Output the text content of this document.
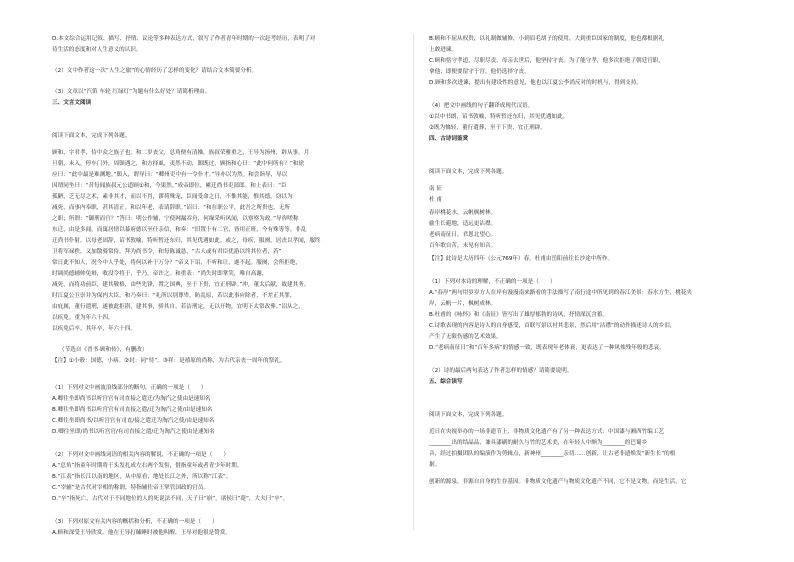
D.本文综合运用记叙、描写、抒情、议论等多种表达方式，叙写了作者青年时期的一次赶考经历，表明了对
待生活的态度和对人生意义的认识。
（2）文中作者这一次“人生之旅”的心情经历了怎样的变化？请结合文本简要分析。
（3）文章以“汽笛 车轮 红绿灯”为题有什么好处？请简析理由。
三、文言文阅读
阅读下面文本，完成下列各题。
顾和，字君孝，侍中众之族子也。和二岁丧父，总角便有清操，族叔荣雅重之，王导为扬州，辟从事，月
旦朝，未入，停车门外，周顗遇之，和方择虱，夷然不动，顗既过，顾指和心曰：“此中何所有？”和徐
应曰：“此中最是难测地。”顗入，谓导曰：“卿州吏中有一令仆才。”导亦以为然。和尝诣导，导以
因谓同坐曰：“昔每闻族叔元公道顾①和，今果然。”成帝即位，累迁尚书吏部郎。和上表曰：“臣
孤陋，乏无尽之术，素非其才，而以不肖，谬荷殊宠，臣闻受命之日，不惟其能，惟其德，窃以为
减死，而事内奉职，甚其清正。和以年老，表请辞职。”诏曰：“和在职公平，此吾之所贵也，无所
之职；所谓：“御刑而官？”答曰：明公作辅，宁使网漏吞舟，何缘采听风闻，以察察为政。”导咨嗟称
东迁，由是多闻，而寓居情以幕府德以至任亲信，和奏：“旧置十有二官，皆用正班，今有殊等等。非乱
迁尚书仆射，以母老固辞，诏书敦喻，特听暂还东归，其见优遇如此。或之，母疾，服阕，居丧以孝闻，服终
卫将军禄秩，又加散骑常侍。拜为尚书令，和每陈诚恳，“古人或有君臣优游以终其位者，若”
常日此不知人，况今中人乎处，将何以补于万分？”帝又下诏，不听和让，遂不起。服阕，会所拒绝，
时调尚德辅帅免辩，收没令将于，乎乃，帝许之。和重表：“尚失时即掌笑，唯自高谢，
减死，而将功前臣，建其敬格，由些先锋，置之国典，至于下贵，宜正刑辟。”冲，董太后献，故建其务。
时江夏公卫崇并为保内大臣，和乃奏曰：“礼所以别尊卑，防乱原，若以此事应除者，不差正其罪，
由庇属，董行遣刑，遂被此拒斟，建其事，骄其自，若洁刑定，无以开物，宜明下太常改葬。”诏从之，
以疾免。重为年六十四。
以疾免后卒。其年卒，年六十四。
（节选自《晋书·顾和传》，有删改）
【注】①小毂：国德，小病。②封：同“恃”。③祥：是禧原的尚称，为古代亲丧一周年的祭礼。
（1）下列对文中画波浪线部分的断句，正确的一项是（　　）
A.卿往坐即尚书以听宫官有司直接之遣迁/为淘汽之使由是速知名
B.卿往坐即尚书以听宫官有司直接之遣/迁为淘汽之使/由是速知名
C.卿往坐即尚书/以听宫官有司直/接之遣迁为淘汽之使/由是速知名
D.卿往坐即/尚书以听宫官/有司直接之遣/迁为淘汽之使由是速知名
（2）下列对文中画线词语的相关内容的解说，不正确的一项是（　　）
A.“总角”指童年时期将于头发扎成左右两个发髻，借指童年或者青少年时期。
B.“江表”指长江以南的地区，从中原看，地处长江之外，所以称“江表”。
C.“宰辅”是古代对宰相的称谓，特指辅佐帝王掌管国政的官员。
D.“卒”指死亡，古代对于不同地位的人的死说法不同，天子曰“崩”，诸侯曰“薨”，大夫曰“卒”。
（3）下列对原文有关内容的概括和分析，不正确的一项是（　　）
A.顾和深受王导欣赏。他在王导打瞌睡时被他叫醒，王导对他很是赞赏。
B.顾和不屈从权贵，以礼制做辅修，小到眉毛胡子的使用，大到重臣国家的制度，他也都根据礼
上敢进谏。
C.顾和恪守孝道，尽职尽责。母亲去世后，他坚持守丧。为了能守孝，他多次拒绝了朝廷官职，
拿他；即便要留守于宫，他仍选择守丧。
D.顾和多次进谏，提出有建设性的意见，他也以江夏公李尚反对的时机与，得到支持。
（4）把文中画线的句子翻译成现代汉语。
①以中书朗，诏书敦喻，特听暂还东归，其见优遇如此。
②既为恤轻，董行遣葬，至于下贵，宜正刑辟。
四、古诗词鉴赏
阅读下面文本，完成下列各题。
南 征
杜 甫
春岸桃花水，云帆枫树林。
偷生长避地，适远更沾襟。
老病南征日，君恩北望心。
百年歌自苦，未见有知音。
【注】此诗是大历四年（公元769年）春，杜甫由岳阳前往长沙途中所作。
（1）下列对本诗的理解，不正确的一项是（　　）
A.“春岸”两句用岁岁方人在岸有漫漫南来路看的手法描写了南行途中所见到的春江美景：春水方生，桃花夹
岸，云帆一片，枫树成林。
B.杜甫的《咏怀》和《南征》皆写出了雄厚郁勃的诗风，抒情深沉含蓄。
C.诗歌表现的内容是诗人的自身感受，首联写景以衬其悲景，然后用“沾襟”的动作描述诗人的乡泪，
产生了无限伤感的艺术效果。
D.“老病南征日”和“百年多病”的情感一致，既表现年老体衰，更表达了一种风烛残年般的悲哀。
（2）诗的最后两句表达了作者怎样的情感？请简要说明。
五、综合读写
阅读下面文本，完成下列各题。
近日在央视举办的一场非遗节上，非物质文化遗产有了另一种表达方式：中国漆与湘西竹编工艺
________出的结晶品，兼具漆刷的耐久与竹的艺术美，在年轻人中颇为________的巴蜀乡
音，经过拍摄团队的编演作为剪辑点，新神州________亲切……创新，让古老非遗焕发“新生长”的根
据。
创新的源泉，非源自自身的生存基因。非物质文化遗产与物质文化遗产不同，它不是文物，而是生活。它
